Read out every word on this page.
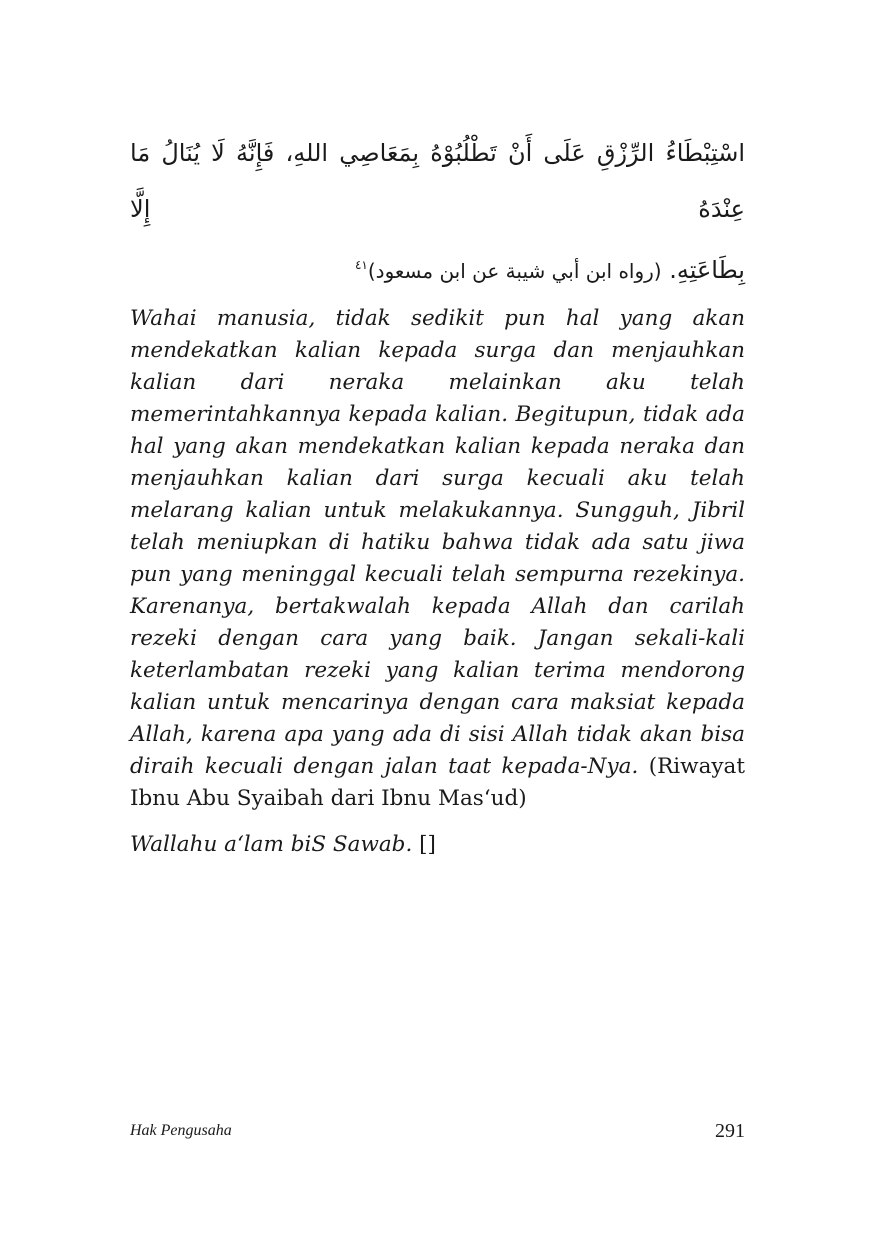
اسْتِبْطَاءُ الرِّزْقِ عَلَى أَنْ تَطْلُبُوْهُ بِمَعَاصِي اللهِ، فَإِنَّهُ لَا يُنَالُ مَا عِنْدَهُ إِلَّا
بِطَاعَتِهِ. (رواه ابن أبي شيبة عن ابن مسعود)$^{٤١}$

Wahai manusia, tidak sedikit pun hal yang akan mendekatkan kalian kepada surga dan menjauhkan kalian dari neraka melainkan aku telah memerintahkannya kepada kalian. Begitupun, tidak ada hal yang akan mendekatkan kalian kepada neraka dan menjauhkan kalian dari surga kecuali aku telah melarang kalian untuk melakukannya. Sungguh, Jibril telah meniupkan di hatiku bahwa tidak ada satu jiwa pun yang meninggal kecuali telah sempurna rezekinya. Karenanya, bertakwalah kepada Allah dan carilah rezeki dengan cara yang baik. Jangan sekali-kali keterlambatan rezeki yang kalian terima mendorong kalian untuk mencarinya dengan cara maksiat kepada Allah, karena apa yang ada di sisi Allah tidak akan bisa diraih kecuali dengan jalan taat kepada-Nya. (Riwayat Ibnu Abu Syaibah dari Ibnu Mas‘ud)

Wallahu a‘lam biS Sawab. []

Hak Pengusaha	291
